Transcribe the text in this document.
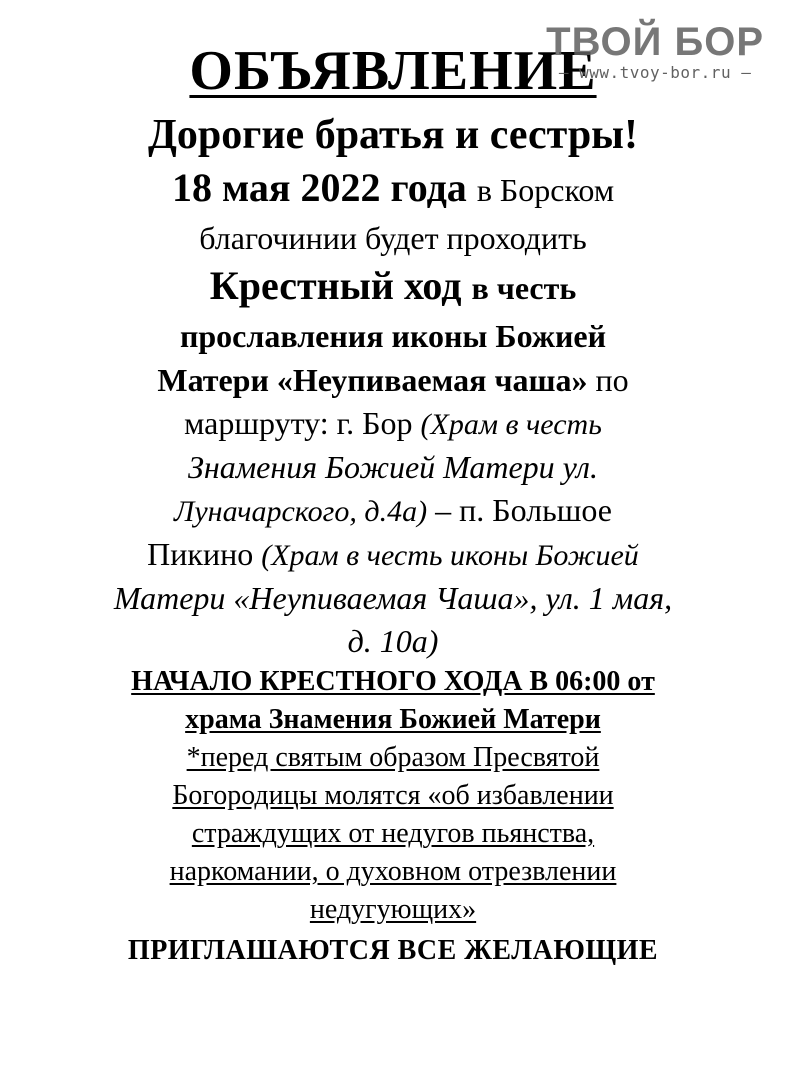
ТВОЙ БОР
– www.tvoy-bor.ru –
ОБЪЯВЛЕНИЕ
Дорогие братья и сестры!
18 мая 2022 года в Борском
благочинии будет проходить
Крестный ход в честь
прославления иконы Божией
Матери «Неупиваемая чаша» по
маршруту: г. Бор (Храм в честь
Знамения Божией Матери ул.
Луначарского, д.4а) – п. Большое
Пикино (Храм в честь иконы Божией
Матери «Неупиваемая Чаша», ул. 1 мая,
д. 10а)
НАЧАЛО КРЕСТНОГО ХОДА В 06:00 от
храма Знамения Божией Матери
*перед святым образом Пресвятой
Богородицы молятся «об избавлении
страждущих от недугов пьянства,
наркомании, о духовном отрезвлении
недугующих»
ПРИГЛАШАЮТСЯ ВСЕ ЖЕЛАЮЩИЕ
